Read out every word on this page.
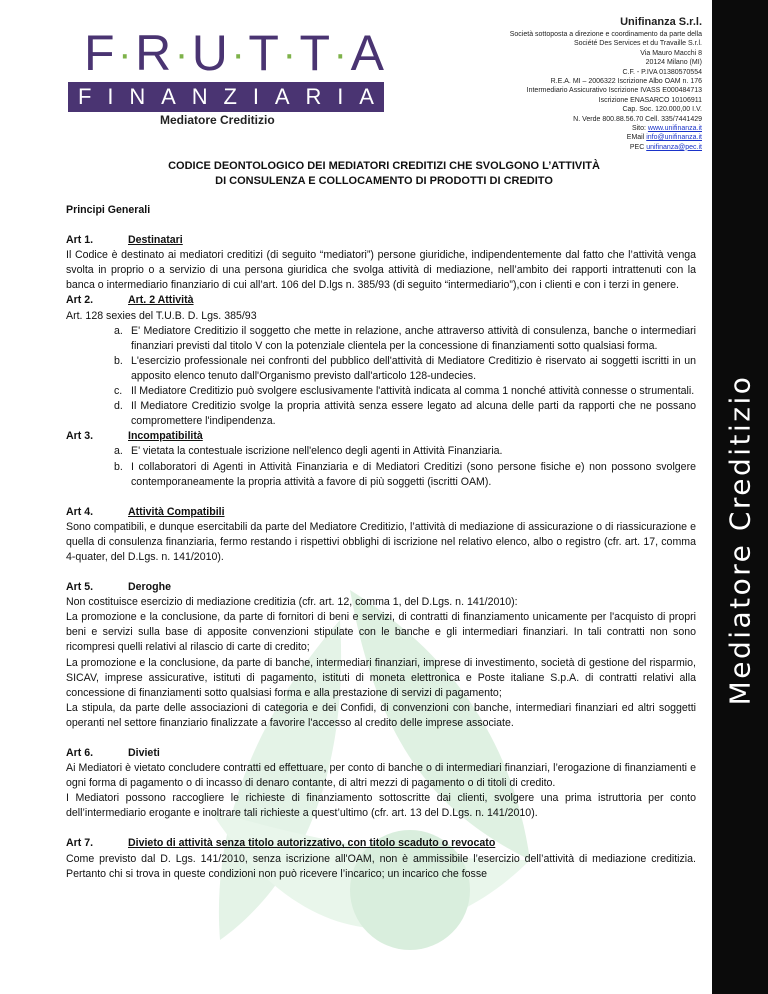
Mediatore Creditizio
F · R · U · T · T · A
F I N A N Z I A R I A
Mediatore Creditizio
Unifinanza S.r.l.
Società sottoposta a direzione e coordinamento da parte della
Société Des Services et du Travaille S.r.l.
Via Mauro Macchi 8
20124 Milano (MI)
C.F. - P.IVA 01380570554
R.E.A. MI – 2006322 Iscrizione Albo OAM n. 176
Intermediario Assicurativo Iscrizione IVASS E000484713
Iscrizione ENASARCO 10106911
Cap. Soc. 120.000,00 I.V.
N. Verde 800.88.56.70 Cell. 335/7441429
Sito: www.unifinanza.it
EMail info@unifinanza.it
PEC unifinanza@pec.it
CODICE DEONTOLOGICO DEI MEDIATORI CREDITIZI CHE SVOLGONO L’ATTIVITÀ
DI CONSULENZA E COLLOCAMENTO DI PRODOTTI DI CREDITO

Principi Generali

Art 1.	Destinatari

Il Codice è destinato ai mediatori creditizi (di seguito “mediatori”) persone giuridiche, indipendentemente dal fatto che l’attività venga svolta in proprio o a servizio di una persona giuridica che svolga attività di mediazione, nell’ambito dei rapporti intrattenuti con la banca o intermediario finanziario di cui all’art. 106 del D.lgs n. 385/93 (di seguito “intermediario”),con i clienti e con i terzi in genere.

Art 2.	Art. 2 Attività

Art. 128 sexies del T.U.B. D. Lgs. 385/93

a. E' Mediatore Creditizio il soggetto che mette in relazione, anche attraverso attività di consulenza, banche o intermediari finanziari previsti dal titolo V con la potenziale clientela per la concessione di finanziamenti sotto qualsiasi forma.

b. L'esercizio professionale nei confronti del pubblico dell'attività di Mediatore Creditizio è riservato ai soggetti iscritti in un apposito elenco tenuto dall'Organismo previsto dall'articolo 128-undecies.

c. Il Mediatore Creditizio può svolgere esclusivamente l'attività indicata al comma 1 nonché attività connesse o strumentali.

d. Il Mediatore Creditizio svolge la propria attività senza essere legato ad alcuna delle parti da rapporti che ne possano compromettere l'indipendenza.

Art 3.	Incompatibilità

a. E' vietata la contestuale iscrizione nell'elenco degli agenti in Attività Finanziaria.

b. I collaboratori di Agenti in Attività Finanziaria e di Mediatori Creditizi (sono persone fisiche e) non possono svolgere contemporaneamente la propria attività a favore di più soggetti (iscritti OAM).

Art 4.	Attività Compatibili

Sono compatibili, e dunque esercitabili da parte del Mediatore Creditizio, l’attività di mediazione di assicurazione o di riassicurazione e quella di consulenza finanziaria, fermo restando i rispettivi obblighi di iscrizione nel relativo elenco, albo o registro (cfr. art. 17, comma 4-quater, del D.Lgs. n. 141/2010).

Art 5.	Deroghe

Non costituisce esercizio di mediazione creditizia (cfr. art. 12, comma 1, del D.Lgs. n. 141/2010):

La promozione e la conclusione, da parte di fornitori di beni e servizi, di contratti di finanziamento unicamente per l'acquisto di propri beni e servizi sulla base di apposite convenzioni stipulate con le banche e gli intermediari finanziari. In tali contratti non sono ricompresi quelli relativi al rilascio di carte di credito;

La promozione e la conclusione, da parte di banche, intermediari finanziari, imprese di investimento, società di gestione del risparmio, SICAV, imprese assicurative, istituti di pagamento, istituti di moneta elettronica e Poste italiane S.p.A. di contratti relativi alla concessione di finanziamenti sotto qualsiasi forma e alla prestazione di servizi di pagamento;

La stipula, da parte delle associazioni di categoria e dei Confidi, di convenzioni con banche, intermediari finanziari ed altri soggetti operanti nel settore finanziario finalizzate a favorire l'accesso al credito delle imprese associate.

Art 6.	Divieti

Ai Mediatori è vietato concludere contratti ed effettuare, per conto di banche o di intermediari finanziari, l’erogazione di finanziamenti e ogni forma di pagamento o di incasso di denaro contante, di altri mezzi di pagamento o di titoli di credito.

I Mediatori possono raccogliere le richieste di finanziamento sottoscritte dai clienti, svolgere una prima istruttoria per conto dell’intermediario erogante e inoltrare tali richieste a quest’ultimo (cfr. art. 13 del D.Lgs. n. 141/2010).

Art 7.	Divieto di attività senza titolo autorizzativo, con titolo scaduto o revocato

Come previsto dal D. Lgs. 141/2010, senza iscrizione all'OAM, non è ammissibile l’esercizio dell’attività di mediazione creditizia. Pertanto chi si trova in queste condizioni non può ricevere l’incarico; un incarico che fosse
